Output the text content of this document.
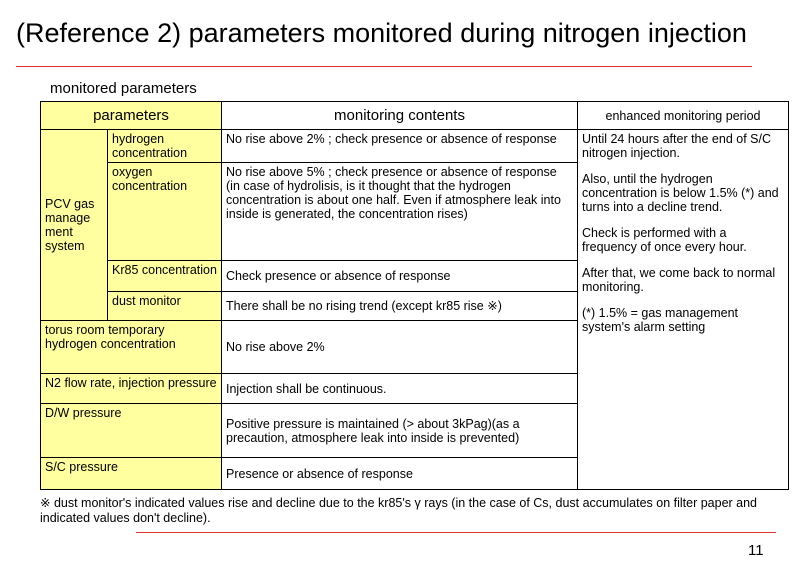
(Reference 2) parameters monitored during nitrogen injection
monitored parameters
parameters		monitoring contents	enhanced monitoring period
PCV gas manage ment system	hydrogen concentration	No rise above 2% ; check presence or absence of response	Until 24 hours after the end of S/C nitrogen injection.

Also, until the hydrogen concentration is below 1.5% (*) and turns into a decline trend.

Check is performed with a frequency of once every hour.

After that, we come back to normal monitoring.

(*) 1.5% = gas management system's alarm setting

	oxygen concentration	No rise above 5% ; check presence or absence of response (in case of hydrolisis, is it thought that the hydrogen concentration is about one half. Even if atmosphere leak into inside is generated, the concentration rises)	
	Kr85 concentration	Check presence or absence of response	
	dust monitor	There shall be no rising trend (except kr85 rise ※)	
torus room temporary hydrogen concentration		No rise above 2%	
N2 flow rate, injection pressure		Injection shall be continuous.	
D/W pressure		Positive pressure is maintained (> about 3kPag)(as a precaution, atmosphere leak into inside is prevented)	
S/C pressure		Presence or absence of response	
※ dust monitor's indicated values rise and decline due to the kr85's γ rays (in the case of Cs, dust accumulates on filter paper and indicated values don't decline).
11
